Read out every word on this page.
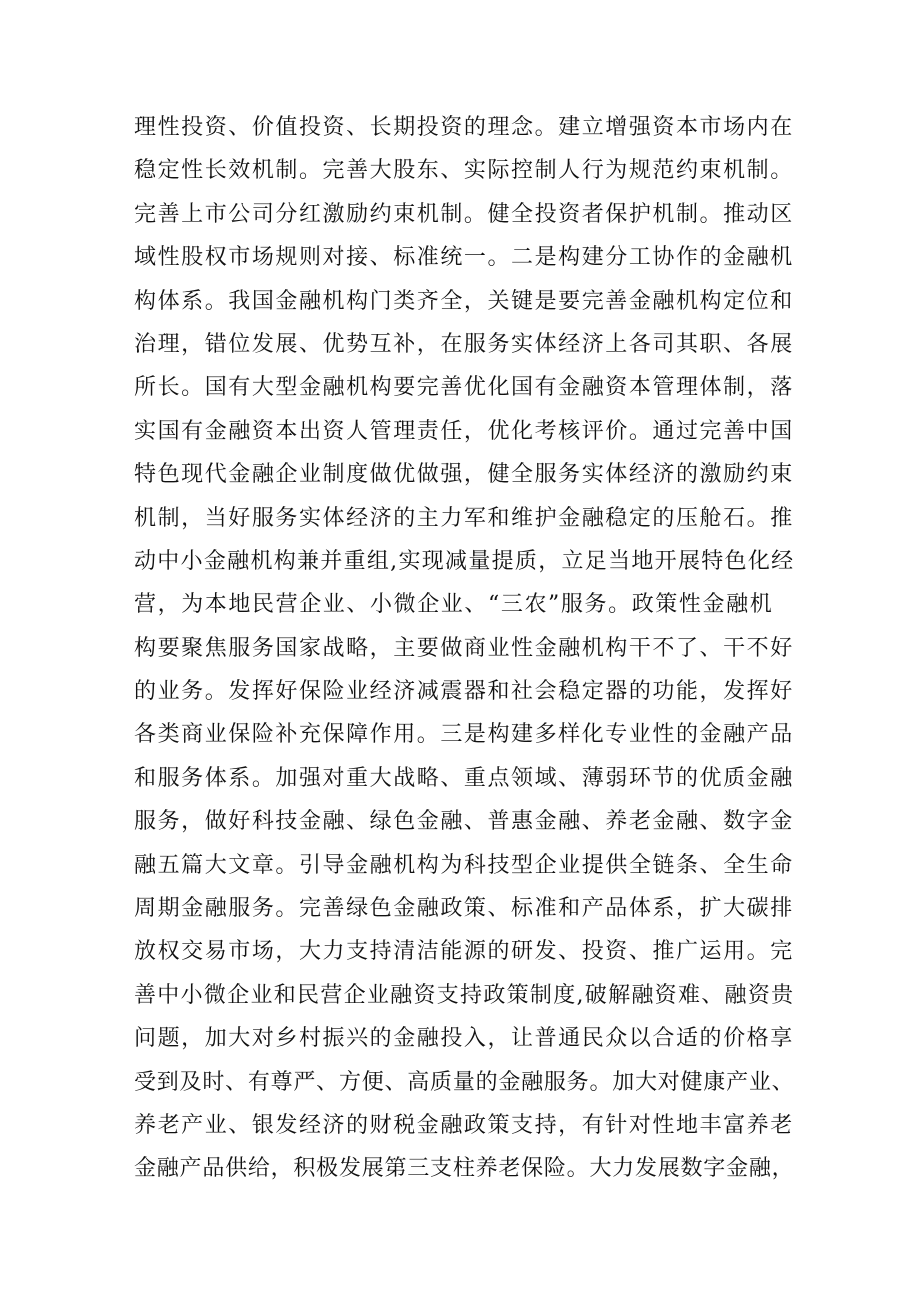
理性投资、价值投资、长期投资的理念。建立增强资本市场内在
稳定性长效机制。完善大股东、实际控制人行为规范约束机制。
完善上市公司分红激励约束机制。健全投资者保护机制。推动区
域性股权市场规则对接、标准统一。二是构建分工协作的金融机
构体系。我国金融机构门类齐全，关键是要完善金融机构定位和
治理，错位发展、优势互补，在服务实体经济上各司其职、各展
所长。国有大型金融机构要完善优化国有金融资本管理体制，落
实国有金融资本出资人管理责任，优化考核评价。通过完善中国
特色现代金融企业制度做优做强，健全服务实体经济的激励约束
机制，当好服务实体经济的主力军和维护金融稳定的压舱石。推
动中小金融机构兼并重组,实现减量提质，立足当地开展特色化经
营，为本地民营企业、小微企业、“三农”服务。政策性金融机
构要聚焦服务国家战略，主要做商业性金融机构干不了、干不好
的业务。发挥好保险业经济减震器和社会稳定器的功能，发挥好
各类商业保险补充保障作用。三是构建多样化专业性的金融产品
和服务体系。加强对重大战略、重点领域、薄弱环节的优质金融
服务，做好科技金融、绿色金融、普惠金融、养老金融、数字金
融五篇大文章。引导金融机构为科技型企业提供全链条、全生命
周期金融服务。完善绿色金融政策、标准和产品体系，扩大碳排
放权交易市场，大力支持清洁能源的研发、投资、推广运用。完
善中小微企业和民营企业融资支持政策制度,破解融资难、融资贵
问题，加大对乡村振兴的金融投入，让普通民众以合适的价格享
受到及时、有尊严、方便、高质量的金融服务。加大对健康产业、
养老产业、银发经济的财税金融政策支持，有针对性地丰富养老
金融产品供给，积极发展第三支柱养老保险。大力发展数字金融，
